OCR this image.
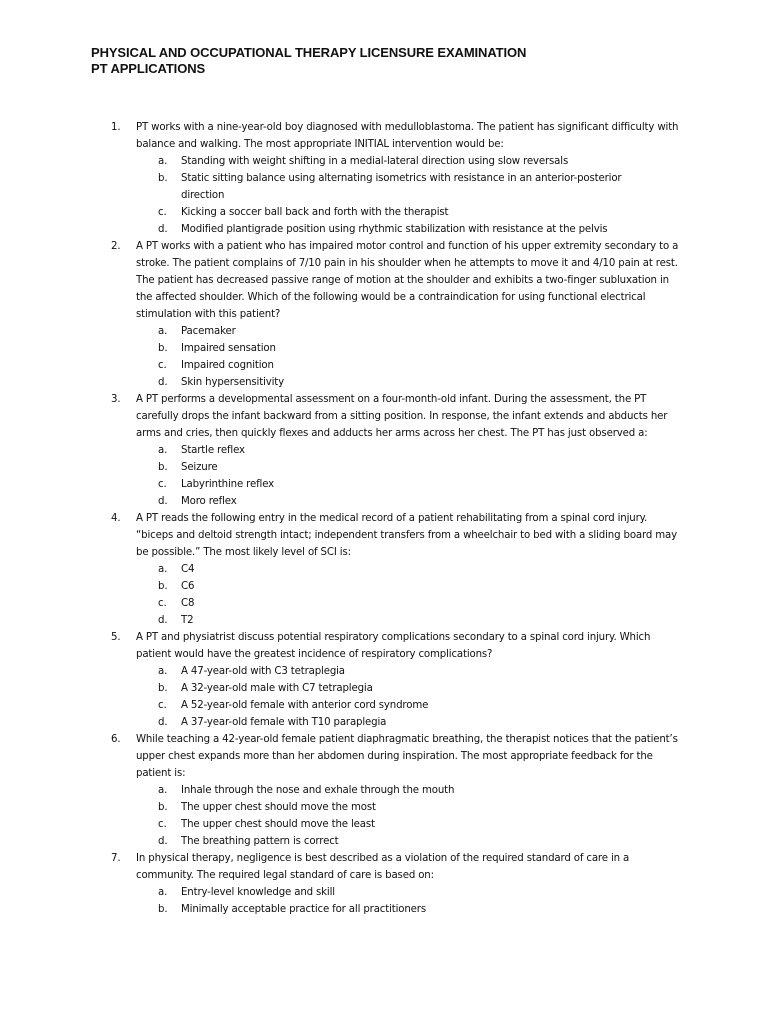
PHYSICAL AND OCCUPATIONAL THERAPY LICENSURE EXAMINATION
PT APPLICATIONS
1. PT works with a nine-year-old boy diagnosed with medulloblastoma. The patient has significant difficulty with balance and walking. The most appropriate INITIAL intervention would be:
a. Standing with weight shifting in a medial-lateral direction using slow reversals
b. Static sitting balance using alternating isometrics with resistance in an anterior-posterior direction
c. Kicking a soccer ball back and forth with the therapist
d. Modified plantigrade position using rhythmic stabilization with resistance at the pelvis
2. A PT works with a patient who has impaired motor control and function of his upper extremity secondary to a stroke. The patient complains of 7/10 pain in his shoulder when he attempts to move it and 4/10 pain at rest. The patient has decreased passive range of motion at the shoulder and exhibits a two-finger subluxation in the affected shoulder. Which of the following would be a contraindication for using functional electrical stimulation with this patient?
a. Pacemaker
b. Impaired sensation
c. Impaired cognition
d. Skin hypersensitivity
3. A PT performs a developmental assessment on a four-month-old infant. During the assessment, the PT carefully drops the infant backward from a sitting position. In response, the infant extends and abducts her arms and cries, then quickly flexes and adducts her arms across her chest. The PT has just observed a:
a. Startle reflex
b. Seizure
c. Labyrinthine reflex
d. Moro reflex
4. A PT reads the following entry in the medical record of a patient rehabilitating from a spinal cord injury. “biceps and deltoid strength intact; independent transfers from a wheelchair to bed with a sliding board may be possible.” The most likely level of SCI is:
a. C4
b. C6
c. C8
d. T2
5. A PT and physiatrist discuss potential respiratory complications secondary to a spinal cord injury. Which patient would have the greatest incidence of respiratory complications?
a. A 47-year-old with C3 tetraplegia
b. A 32-year-old male with C7 tetraplegia
c. A 52-year-old female with anterior cord syndrome
d. A 37-year-old female with T10 paraplegia
6. While teaching a 42-year-old female patient diaphragmatic breathing, the therapist notices that the patient’s upper chest expands more than her abdomen during inspiration. The most appropriate feedback for the patient is:
a. Inhale through the nose and exhale through the mouth
b. The upper chest should move the most
c. The upper chest should move the least
d. The breathing pattern is correct
7. In physical therapy, negligence is best described as a violation of the required standard of care in a community. The required legal standard of care is based on:
a. Entry-level knowledge and skill
b. Minimally acceptable practice for all practitioners
